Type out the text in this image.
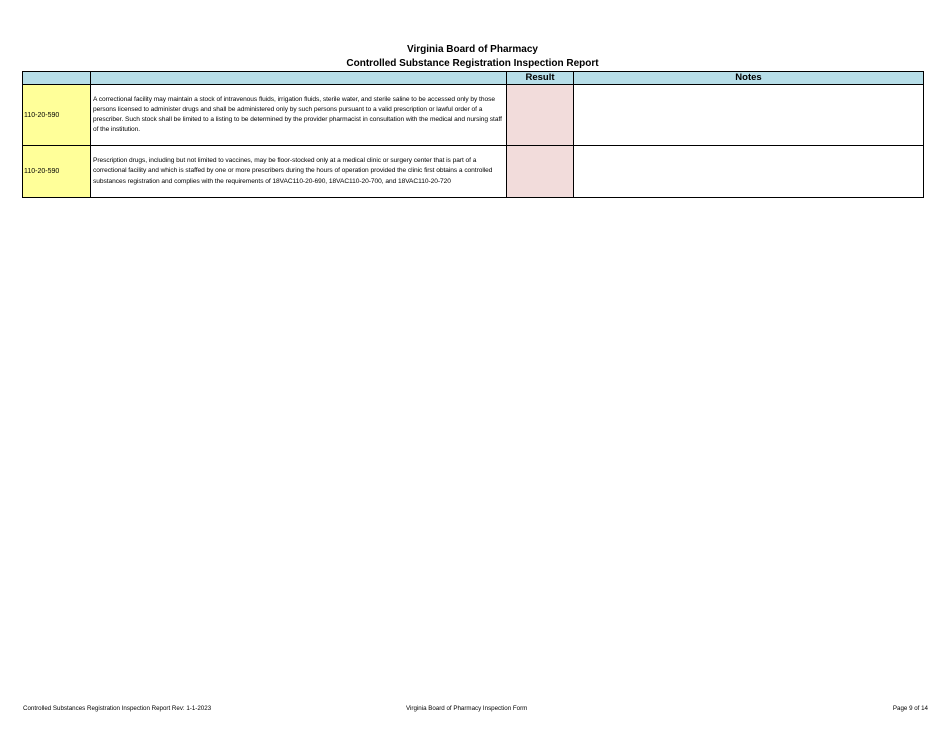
Virginia Board of Pharmacy
Controlled Substance Registration Inspection Report
		Result	Notes
110-20-590	A correctional facility may maintain a stock of intravenous fluids, irrigation fluids, sterile water, and sterile saline to be accessed only by those persons licensed to administer drugs and shall be administered only by such persons pursuant to a valid prescription or lawful order of a prescriber. Such stock shall be limited to a listing to be determined by the provider pharmacist in consultation with the medical and nursing staff of the institution.		
110-20-590	Prescription drugs, including but not limited to vaccines, may be floor-stocked only at a medical clinic or surgery center that is part of a correctional facility and which is staffed by one or more prescribers during the hours of operation provided the clinic first obtains a controlled substances registration and complies with the requirements of 18VAC110-20-690, 18VAC110-20-700, and 18VAC110-20-720		
Controlled Substances Registration Inspection Report Rev: 1-1-2023	Virginia Board of Pharmacy Inspection Form	Page 9 of 14
